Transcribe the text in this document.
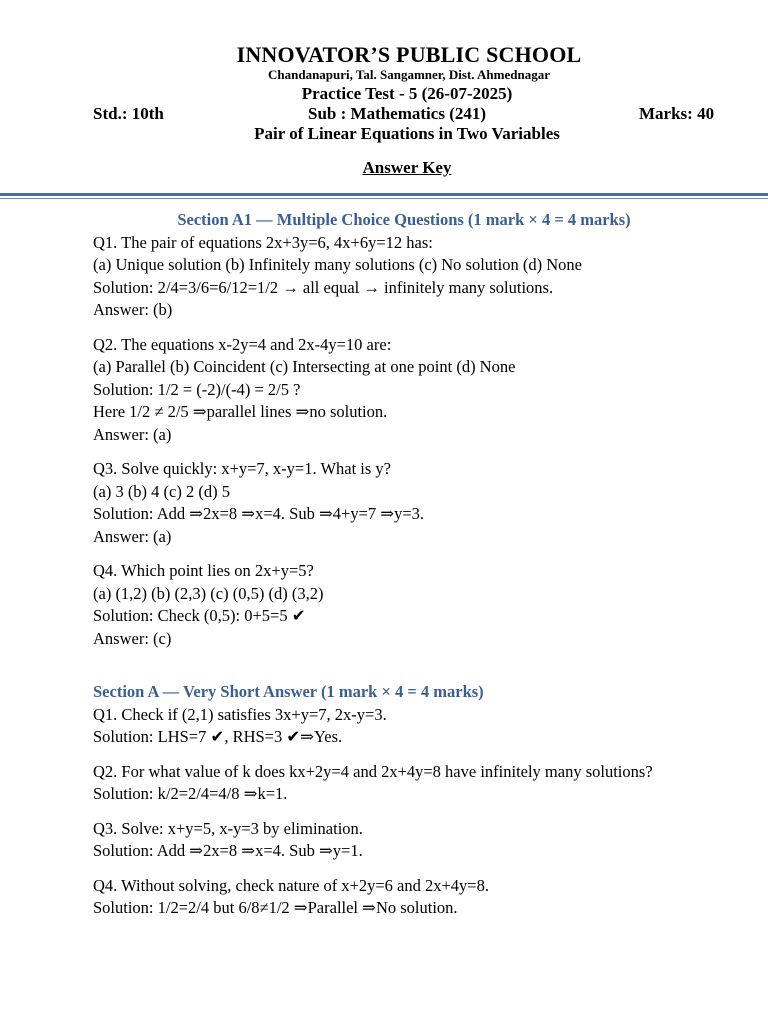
INNOVATOR’S PUBLIC SCHOOL
Chandanapuri, Tal. Sangamner, Dist. Ahmednagar
Practice Test - 5 (26-07-2025)
Std.: 10th	Sub : Mathematics (241)	Marks: 40
Pair of Linear Equations in Two Variables
Answer Key
Section A1 — Multiple Choice Questions (1 mark × 4 = 4 marks)
Q1. The pair of equations 2x+3y=6, 4x+6y=12 has:
(a) Unique solution (b) Infinitely many solutions (c) No solution (d) None
Solution: 2/4=3/6=6/12=1/2 → all equal → infinitely many solutions.
Answer: (b)
Q2. The equations x-2y=4 and 2x-4y=10 are:
(a) Parallel (b) Coincident (c) Intersecting at one point (d) None
Solution: 1/2 = (-2)/(-4) = 2/5 ?
Here 1/2 ≠ 2/5 ⇒parallel lines ⇒no solution.
Answer: (a)
Q3. Solve quickly: x+y=7, x-y=1. What is y?
(a) 3 (b) 4 (c) 2 (d) 5
Solution: Add ⇒2x=8 ⇒x=4. Sub ⇒4+y=7 ⇒y=3.
Answer: (a)
Q4. Which point lies on 2x+y=5?
(a) (1,2) (b) (2,3) (c) (0,5) (d) (3,2)
Solution: Check (0,5): 0+5=5 ✔
Answer: (c)
Section A — Very Short Answer (1 mark × 4 = 4 marks)
Q1. Check if (2,1) satisfies 3x+y=7, 2x-y=3.
Solution: LHS=7 ✔, RHS=3 ✔⇒Yes.
Q2. For what value of k does kx+2y=4 and 2x+4y=8 have infinitely many solutions?
Solution: k/2=2/4=4/8 ⇒k=1.
Q3. Solve: x+y=5, x-y=3 by elimination.
Solution: Add ⇒2x=8 ⇒x=4. Sub ⇒y=1.
Q4. Without solving, check nature of x+2y=6 and 2x+4y=8.
Solution: 1/2=2/4 but 6/8≠1/2 ⇒Parallel ⇒No solution.
